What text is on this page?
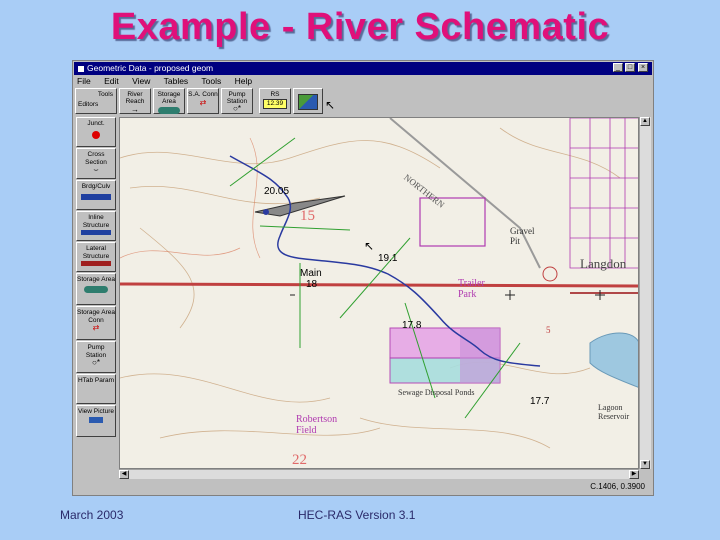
Example - River Schematic
Geometric Data - proposed geom	_	□	×
File Edit View Tables Tools Help
Tools
Editors
River Reach
→
Storage Area
S.A. Conn
⇄
Pump Station
○*
RS
12.39	↖
Junct.
Cross Section
⌣
Brdg/Culv
Inline Structure
Lateral Structure
Storage Area
Storage Area Conn
⇄
Pump Station
○*
HTab Param
View Picture
↖
20.05
19.1
Main
18
17.8
17.7
Trailer Park
Gravel Pit
Langdon
Sewage Disposal Ponds
Robertson Field
Lagoon Reservoir
15
22
5
NORTHERN
▲
▼
◀	▶
C.1406, 0.3900
March 2003	HEC-RAS Version 3.1
